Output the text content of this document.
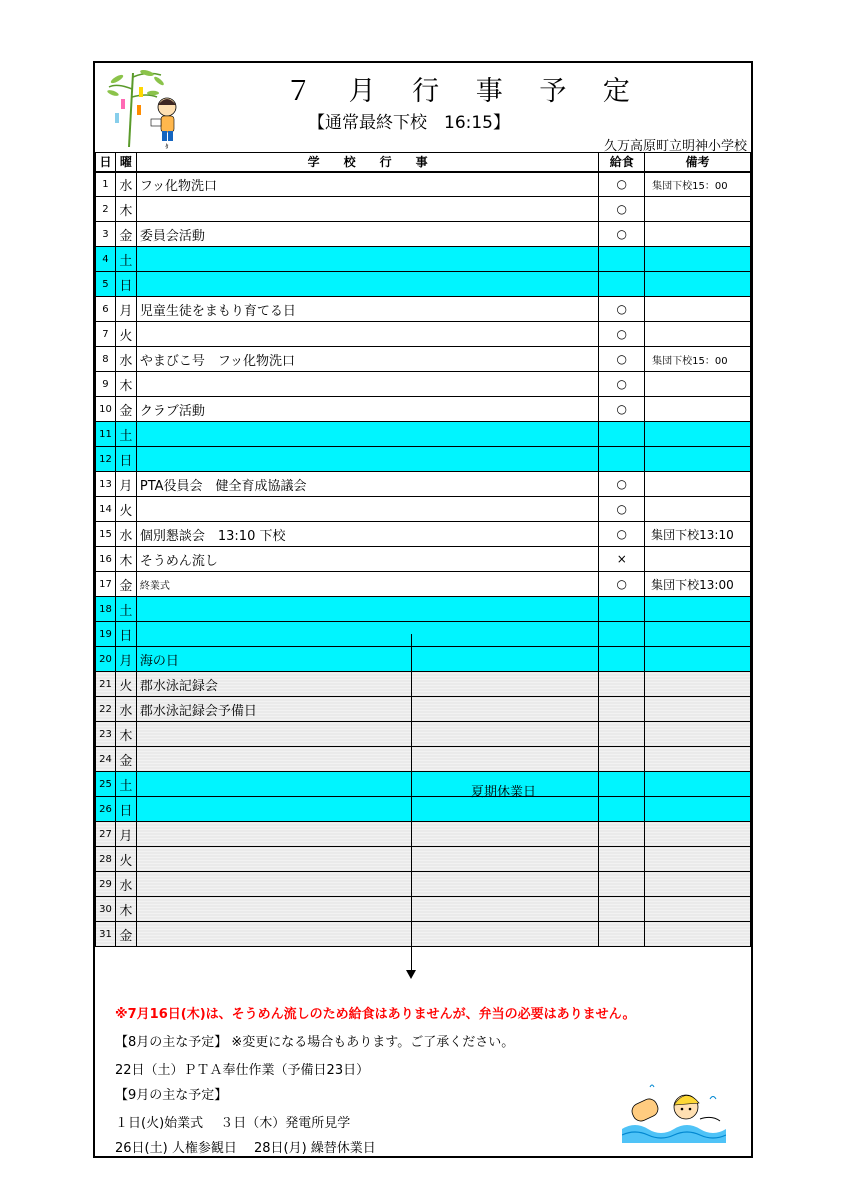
ﾀ
７ 月 行 事 予 定
【通常最終下校　16:15】
久万高原町立明神小学校
日	曜	学　　校　　行　　事	給食	備考
1	水	フッ化物洗口	○	集団下校15：00
2	木		○	
3	金	委員会活動	○	
4	土			
5	日			
6	月	児童生徒をまもり育てる日	○	
7	火		○	
8	水	やまびこ号　フッ化物洗口	○	集団下校15：00
9	木		○	
10	金	クラブ活動	○	
11	土			
12	日			
13	月	PTA役員会　健全育成協議会	○	
14	火		○	
15	水	個別懇談会　13:10 下校	○	集団下校13:10
16	木	そうめん流し	×	
17	金	終業式	○	集団下校13:00
18	土			
19	日			
20	月	海の日		
21	火	郡水泳記録会		
22	水	郡水泳記録会予備日		
23	木			
24	金			
25	土			
26	日			
27	月			
28	火			
29	水			
30	木			
31	金			
夏期休業日
※7月16日(木)は、そうめん流しのため給食はありませんが、弁当の必要はありません。
【8月の主な予定】 ※変更になる場合もあります。ご了承ください。
22日（土）ＰＴＡ奉仕作業（予備日23日）
【9月の主な予定】
１日(火)始業式　 ３日（木）発電所見学
26日(土) 人権参観日　 28日(月) 繰替休業日
